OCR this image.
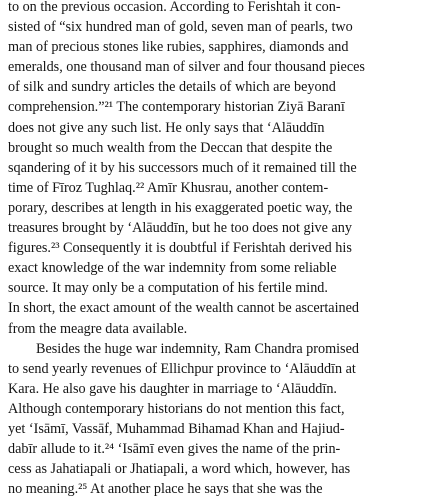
to on the previous occasion. According to Ferishtah it con-
sisted of “six hundred man of gold, seven man of pearls, two
man of precious stones like rubies, sapphires, diamonds and
emeralds, one thousand man of silver and four thousand pieces
of silk and sundry articles the details of which are beyond
comprehension.”²¹ The contemporary historian Ziyā Baranī
does not give any such list. He only says that ‘Alāuddīn
brought so much wealth from the Deccan that despite the
sqandering of it by his successors much of it remained till the
time of Fīroz Tughlaq.²² Amīr Khusrau, another contem-
porary, describes at length in his exaggerated poetic way, the
treasures brought by ‘Alāuddīn, but he too does not give any
figures.²³ Consequently it is doubtful if Ferishtah derived his
exact knowledge of the war indemnity from some reliable
source. It may only be a computation of his fertile mind.
In short, the exact amount of the wealth cannot be ascertained
from the meagre data available.
Besides the huge war indemnity, Ram Chandra promised
to send yearly revenues of Ellichpur province to ‘Alāuddīn at
Kara. He also gave his daughter in marriage to ‘Alāuddīn.
Although contemporary historians do not mention this fact,
yet ‘Isāmī, Vassāf, Muhammad Bihamad Khan and Hajiud-
dabīr allude to it.²⁴ ‘Isāmī even gives the name of the prin-
cess as Jahatiapali or Jhatiapali, a word which, however, has
no meaning.²⁵ At another place he says that she was the
